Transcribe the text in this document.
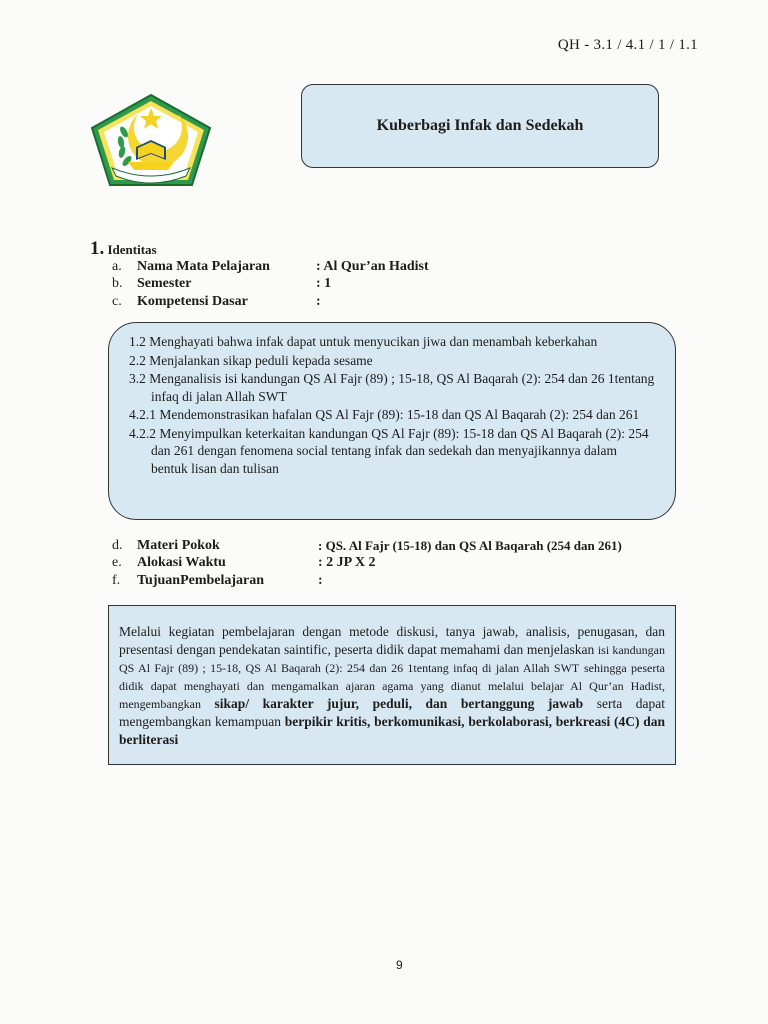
QH - 3.1 / 4.1 / 1 / 1.1
Kuberbagi Infak dan Sedekah
1. Identitas
a. Nama Mata Pelajaran	: Al Qur’an Hadist
b. Semester	: 1
c. Kompetensi Dasar	:
1.2 Menghayati bahwa infak dapat untuk menyucikan jiwa dan menambah keberkahan
2.2 Menjalankan sikap peduli kepada sesame
3.2 Menganalisis isi kandungan QS Al Fajr (89) ; 15-18, QS Al Baqarah (2): 254 dan 26 1tentang infaq di jalan Allah SWT
4.2.1 Mendemonstrasikan hafalan QS Al Fajr (89): 15-18 dan QS Al Baqarah (2): 254 dan 261
4.2.2 Menyimpulkan keterkaitan kandungan QS Al Fajr (89): 15-18 dan QS Al Baqarah (2): 254 dan 261 dengan fenomena social tentang infak dan sedekah dan menyajikannya dalam bentuk lisan dan tulisan
d. Materi Pokok	: QS. Al Fajr (15-18) dan QS Al Baqarah (254 dan 261)
e. Alokasi Waktu	: 2 JP X 2
f. TujuanPembelajaran	:
Melalui kegiatan pembelajaran dengan metode diskusi, tanya jawab, analisis, penugasan, dan presentasi dengan pendekatan saintific, peserta didik dapat memahami dan menjelaskan isi kandungan QS Al Fajr (89) ; 15-18, QS Al Baqarah (2): 254 dan 26 1tentang infaq di jalan Allah SWT sehingga peserta didik dapat menghayati dan mengamalkan ajaran agama yang dianut melalui belajar Al Qur’an Hadist, mengembangkan sikap/ karakter jujur, peduli, dan bertanggung jawab serta dapat mengembangkan kemampuan berpikir kritis, berkomunikasi, berkolaborasi, berkreasi (4C) dan berliterasi
9
